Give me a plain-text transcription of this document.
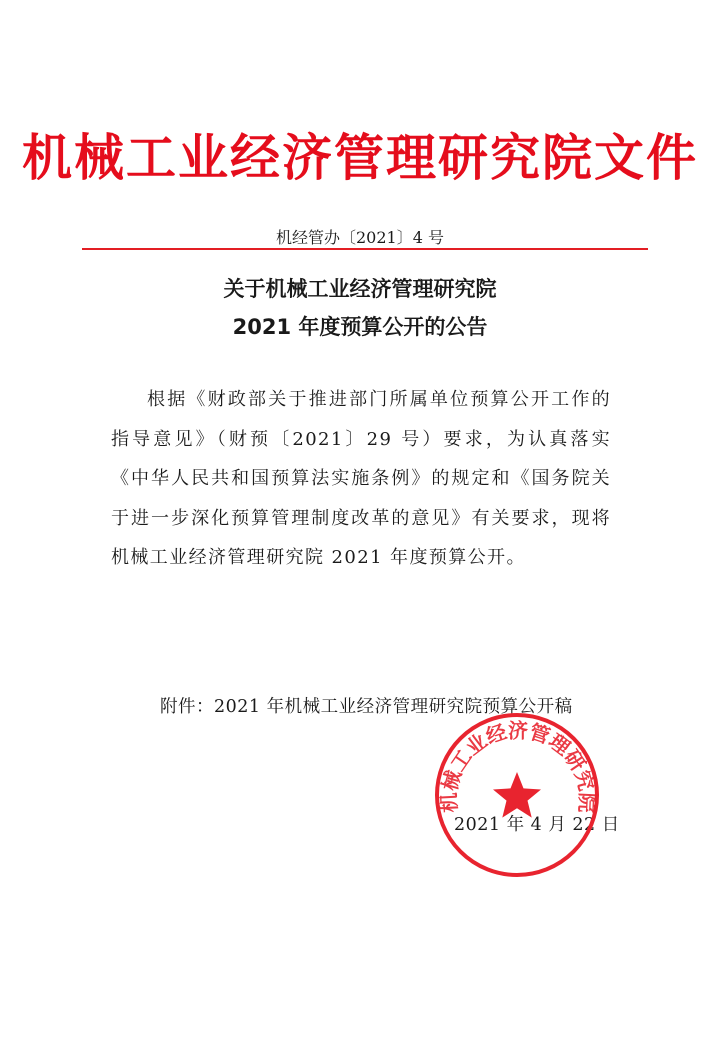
机械工业经济管理研究院文件
机经管办〔2021〕4 号
关于机械工业经济管理研究院
2021 年度预算公开的公告
根据《财政部关于推进部门所属单位预算公开工作的指导意见》（财预〔2021〕29 号）要求，为认真落实《中华人民共和国预算法实施条例》的规定和《国务院关于进一步深化预算管理制度改革的意见》有关要求，现将机械工业经济管理研究院 2021 年度预算公开。
附件：2021 年机械工业经济管理研究院预算公开稿
2021 年 4 月 22 日
机械工业经济管理研究院
